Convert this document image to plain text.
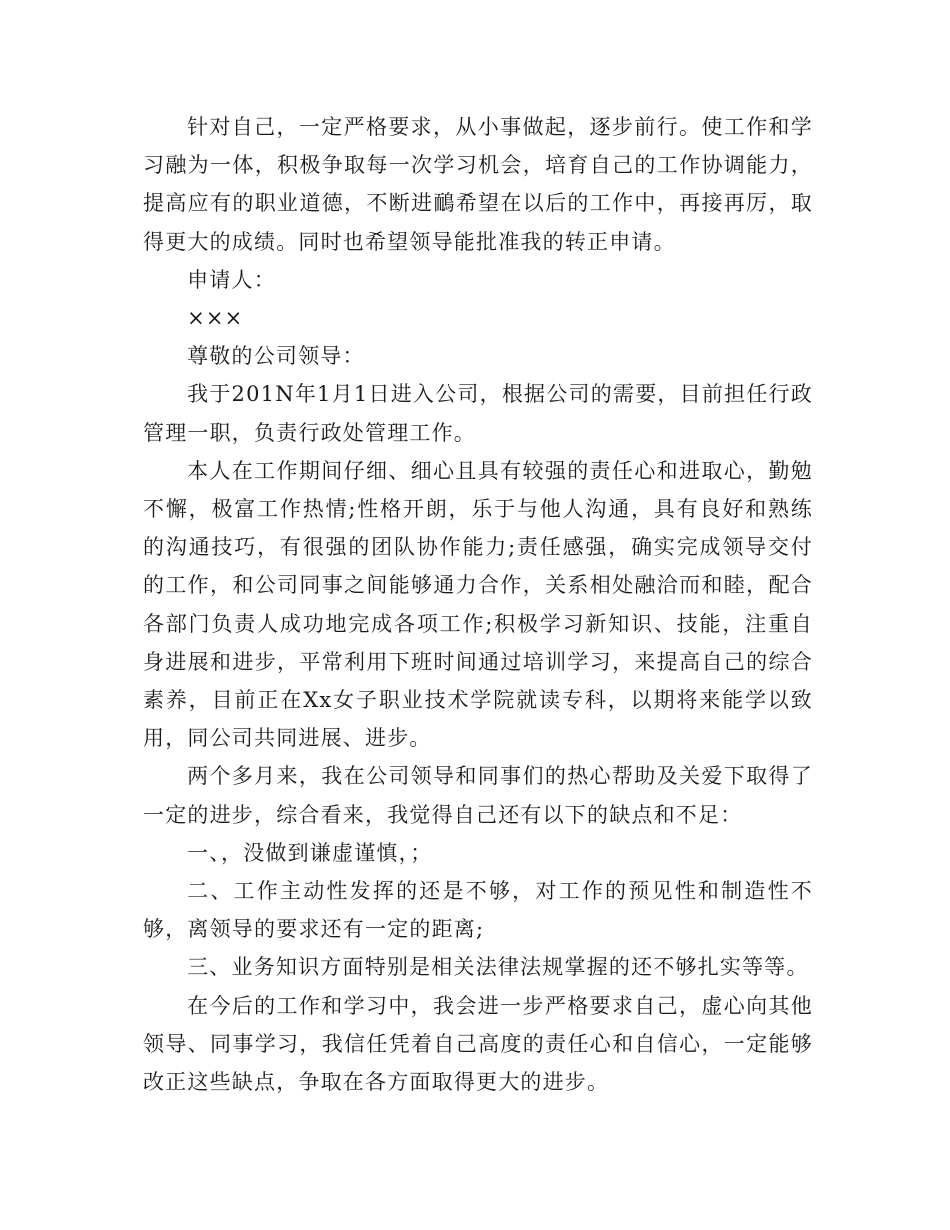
针对自己，一定严格要求，从小事做起，逐步前行。使工作和学习融为一体，积极争取每一次学习机会，培育自己的工作协调能力，提高应有的职业道德，不断进鴯希望在以后的工作中，再接再厉，取得更大的成绩。同时也希望领导能批准我的转正申请。

申请人：

×××

尊敬的公司领导：

我于201N年1月1日进入公司，根据公司的需要，目前担任行政管理一职，负责行政处管理工作。

本人在工作期间仔细、细心且具有较强的责任心和进取心，勤勉不懈，极富工作热情;性格开朗，乐于与他人沟通，具有良好和熟练的沟通技巧，有很强的团队协作能力;责任感强，确实完成领导交付的工作，和公司同事之间能够通力合作，关系相处融洽而和睦，配合各部门负责人成功地完成各项工作;积极学习新知识、技能，注重自身进展和进步，平常利用下班时间通过培训学习，来提高自己的综合素养，目前正在Xx女子职业技术学院就读专科，以期将来能学以致用，同公司共同进展、进步。

两个多月来，我在公司领导和同事们的热心帮助及关爱下取得了一定的进步，综合看来，我觉得自己还有以下的缺点和不足：

一、，没做到谦虚谨慎，；

二、工作主动性发挥的还是不够，对工作的预见性和制造性不够，离领导的要求还有一定的距离;

三、业务知识方面特别是相关法律法规掌握的还不够扎实等等。

在今后的工作和学习中，我会进一步严格要求自己，虚心向其他领导、同事学习，我信任凭着自己高度的责任心和自信心，一定能够改正这些缺点，争取在各方面取得更大的进步。
